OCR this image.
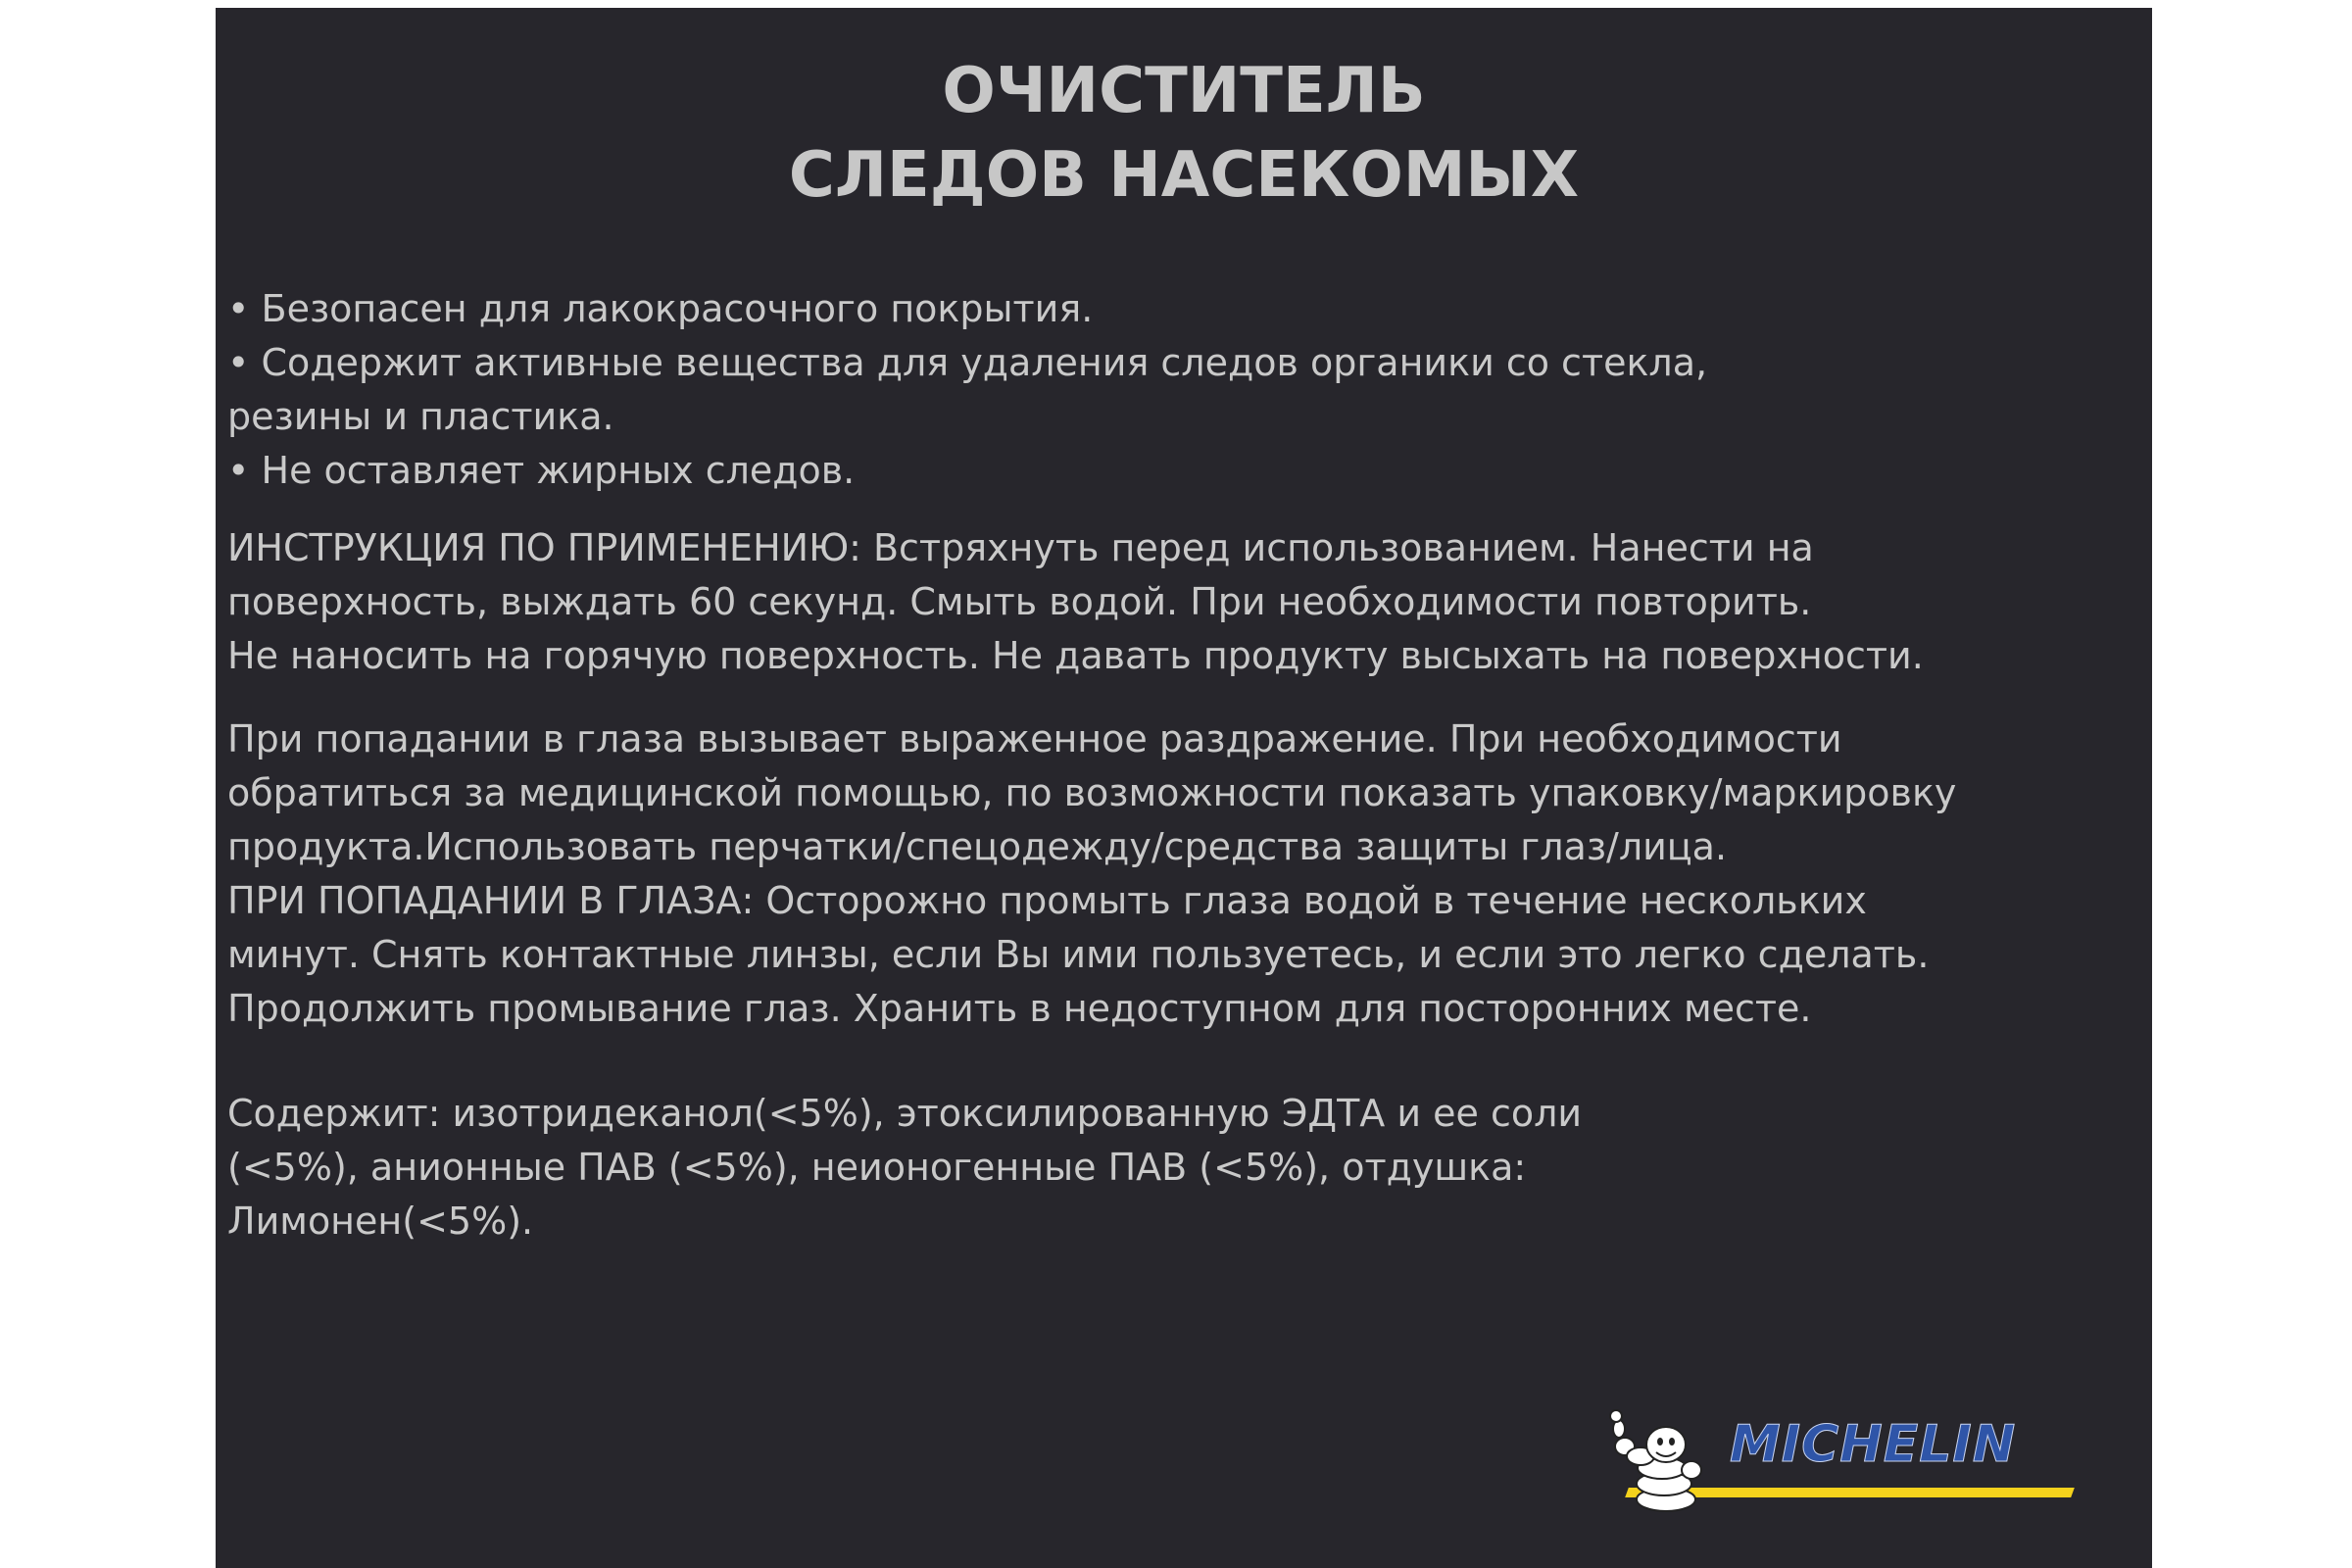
ОЧИСТИТЕЛЬ
СЛЕДОВ НАСЕКОМЫХ
• Безопасен для лакокрасочного покрытия.
• Содержит активные вещества для удаления следов органики со стекла,
резины и пластика.
• Не оставляет жирных следов.
ИНСТРУКЦИЯ ПО ПРИМЕНЕНИЮ: Встряхнуть перед использованием. Нанести на
поверхность, выждать 60 секунд. Смыть водой. При необходимости повторить.
Не наносить на горячую поверхность. Не давать продукту высыхать на поверхности.
При попадании в глаза вызывает выраженное раздражение. При необходимости
обратиться за медицинской помощью, по возможности показать упаковку/маркировку
продукта.Использовать перчатки/спецодежду/средства защиты глаз/лица.
ПРИ ПОПАДАНИИ В ГЛАЗА: Осторожно промыть глаза водой в течение нескольких
минут. Снять контактные линзы, если Вы ими пользуетесь, и если это легко сделать.
Продолжить промывание глаз. Хранить в недоступном для посторонних месте.
Содержит: изотридеканол(<5%), этоксилированную ЭДТА и ее соли
(<5%), анионные ПАВ (<5%), неионогенные ПАВ (<5%), отдушка:
Лимонен(<5%).
MICHELIN
